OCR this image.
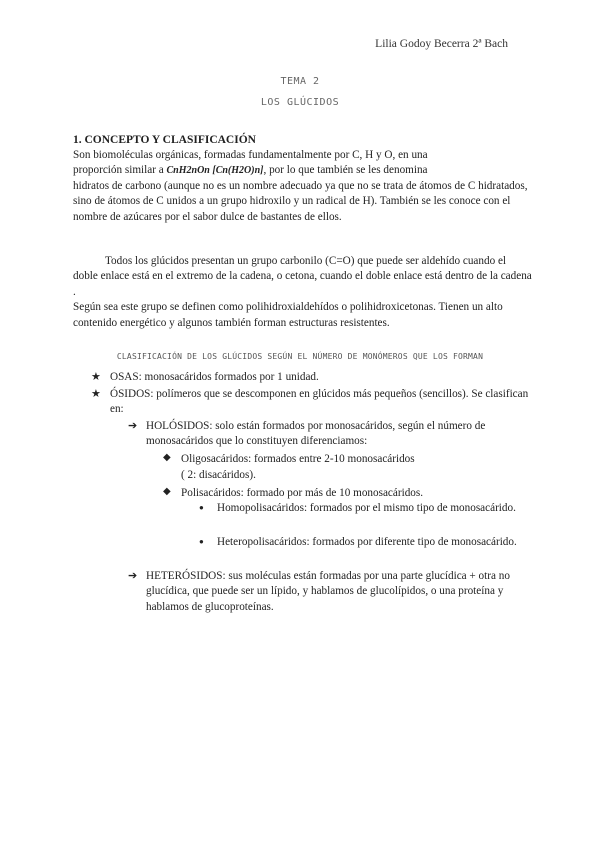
Lilia Godoy Becerra 2ª Bach
TEMA 2
LOS GLÚCIDOS
1. CONCEPTO Y CLASIFICACIÓN
Son biomoléculas orgánicas, formadas fundamentalmente por C, H y O, en una
proporción similar a CnH2nOn [Cn(H2O)n], por lo que también se les denomina
hidratos de carbono (aunque no es un nombre adecuado ya que no se trata de átomos de C hidratados, sino de átomos de C unidos a un grupo hidroxilo y un radical de H). También se les conoce con el nombre de azúcares por el sabor dulce de bastantes de ellos.
Todos los glúcidos presentan un grupo carbonilo (C=O) que puede ser aldehído cuando el doble enlace está en el extremo de la cadena, o cetona, cuando el doble enlace está dentro de la cadena .
Según sea este grupo se definen como polihidroxialdehídos o polihidroxicetonas. Tienen un alto contenido energético y algunos también forman estructuras resistentes.
CLASIFICACIÓN DE LOS GLÚCIDOS SEGÚN EL NÚMERO DE MONÓMEROS QUE LOS FORMAN
★ OSAS: monosacáridos formados por 1 unidad.
★ ÓSIDOS: polímeros que se descomponen en glúcidos más pequeños (sencillos). Se clasifican en:
➔ HOLÓSIDOS: solo están formados por monosacáridos, según el número de monosacáridos que lo constituyen diferenciamos:
◆ Oligosacáridos: formados entre 2-10 monosacáridos
( 2: disacáridos).
◆ Polisacáridos: formado por más de 10 monosacáridos.
● Homopolisacáridos: formados por el mismo tipo de monosacárido.
● Heteropolisacáridos: formados por diferente tipo de monosacárido.
➔ HETERÓSIDOS: sus moléculas están formadas por una parte glucídica + otra no glucídica, que puede ser un lípido, y hablamos de glucolípidos, o una proteína y hablamos de glucoproteínas.
